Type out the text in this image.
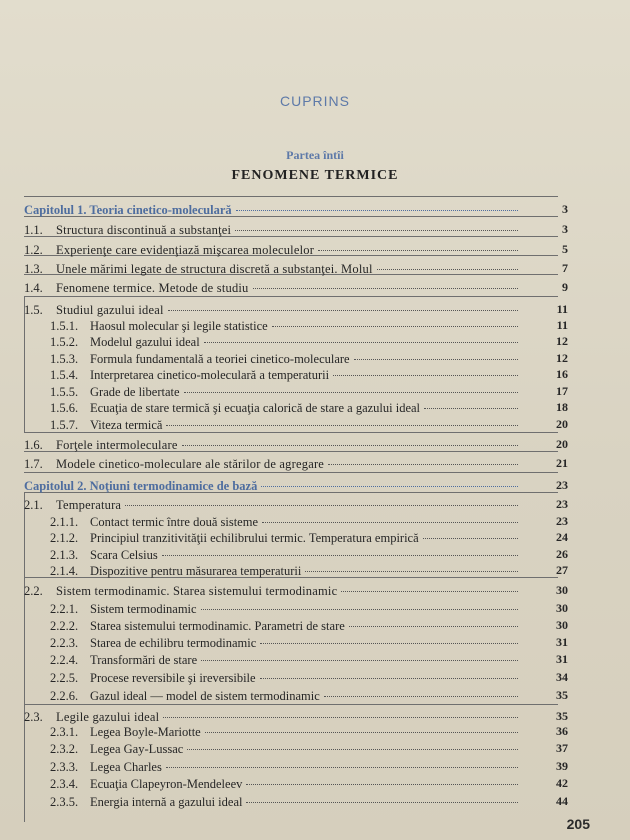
CUPRINS
Partea întîi
FENOMENE TERMICE
Capitolul 1. Teoria cinetico-moleculară	3
1.1.	Structura discontinuă a substanţei	3
1.2.	Experienţe care evidenţiază mişcarea moleculelor	5
1.3.	Unele mărimi legate de structura discretă a substanţei. Molul	7
1.4.	Fenomene termice. Metode de studiu	9
1.5.	Studiul gazului ideal	11
1.5.1. Haosul molecular şi legile statistice	11
1.5.2. Modelul gazului ideal	12
1.5.3. Formula fundamentală a teoriei cinetico-moleculare	12
1.5.4. Interpretarea cinetico-moleculară a temperaturii	16
1.5.5. Grade de libertate	17
1.5.6. Ecuaţia de stare termică şi ecuaţia calorică de stare a gazului ideal	18
1.5.7. Viteza termică	20
1.6.	Forţele intermoleculare	20
1.7.	Modele cinetico-moleculare ale stărilor de agregare	21
Capitolul 2. Noţiuni termodinamice de bază	23
2.1.	Temperatura	23
2.1.1. Contact termic între două sisteme	23
2.1.2. Principiul tranzitivităţii echilibrului termic. Temperatura empirică	24
2.1.3. Scara Celsius	26
2.1.4. Dispozitive pentru măsurarea temperaturii	27
2.2.	Sistem termodinamic. Starea sistemului termodinamic	30
2.2.1. Sistem termodinamic	30
2.2.2. Starea sistemului termodinamic. Parametri de stare	30
2.2.3. Starea de echilibru termodinamic	31
2.2.4. Transformări de stare	31
2.2.5. Procese reversibile şi ireversibile	34
2.2.6. Gazul ideal — model de sistem termodinamic	35
2.3.	Legile gazului ideal	35
2.3.1. Legea Boyle-Mariotte	36
2.3.2. Legea Gay-Lussac	37
2.3.3. Legea Charles	39
2.3.4. Ecuaţia Clapeyron-Mendeleev	42
2.3.5. Energia internă a gazului ideal	44
205
